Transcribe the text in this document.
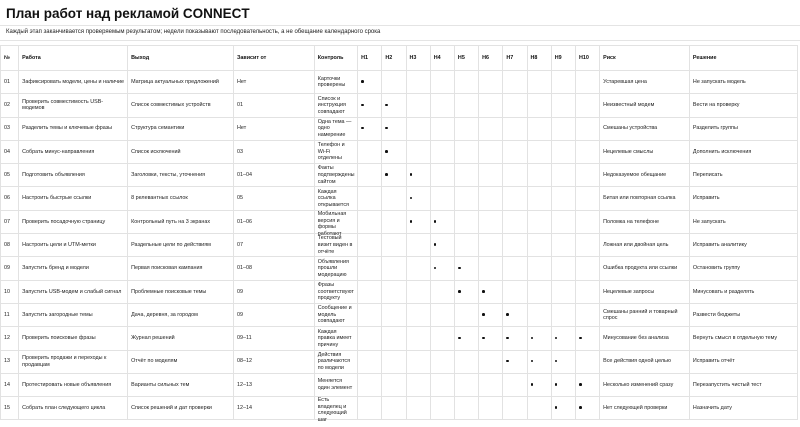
План работ над рекламой CONNECT
Каждый этап заканчивается проверяемым результатом; недели показывают последовательность, а не обещание календарного срока
№	Работа	Выход	Зависит от	Контроль	Н1	Н2	Н3	Н4	Н5	Н6	Н7	Н8	Н9	Н10	Риск	Решение

01	Зафиксировать модели, цены и наличие	Матрица актуальных предложений	Нет	Карточки проверены											Устаревшая цена	Не запускать модель

02	Проверить совместимость USB-модемов	Список совместимых устройств	01	Список и инструкция совпадают											Неизвестный модем	Вести на проверку

03	Разделить темы и ключевые фразы	Структура семантики	Нет	Одна тема — одно намерение											Смешаны устройства	Разделить группы

04	Собрать минус-направления	Список исключений	03	Телефон и Wi-Fi отделены											Нецелевые смыслы	Дополнить исключения

05	Подготовить объявления	Заголовки, тексты, уточнения	01–04	Факты подтверждены сайтом											Недоказуемое обещание	Переписать

06	Настроить быстрые ссылки	8 релевантных ссылок	05	Каждая ссылка открывается											Битая или повторная ссылка	Исправить

07	Проверить посадочную страницу	Контрольный путь на 3 экранах	01–06	Мобильная версия и формы работают											Поломка на телефоне	Не запускать

08	Настроить цели и UTM-метки	Раздельные цели по действиям	07	Тестовый визит виден в отчёте											Ложная или двойная цель	Исправить аналитику

09	Запустить бренд и модели	Первая поисковая кампания	01–08	Объявления прошли модерацию											Ошибка продукта или ссылки	Остановить группу

10	Запустить USB-модем и слабый сигнал	Проблемные поисковые темы	09	Фразы соответствуют продукту											Нецелевые запросы	Минусовать и разделять

11	Запустить загородные темы	Дача, деревня, за городом	09	Сообщение и модель совпадают											Смешаны ранний и товарный спрос	Развести бюджеты

12	Проверить поисковые фразы	Журнал решений	09–11	Каждая правка имеет причину											Минусование без анализа	Вернуть смысл в отдельную тему

13	Проверить продажи и переходы к продавцам	Отчёт по моделям	08–12	Действия различаются по модели											Все действия одной целью	Исправить отчёт

14	Протестировать новые объявления	Варианты сильных тем	12–13	Меняется один элемент											Несколько изменений сразу	Перезапустить чистый тест

15	Собрать план следующего цикла	Список решений и дат проверки	12–14	Есть владелец и следующий шаг											Нет следующей проверки	Назначить дату
